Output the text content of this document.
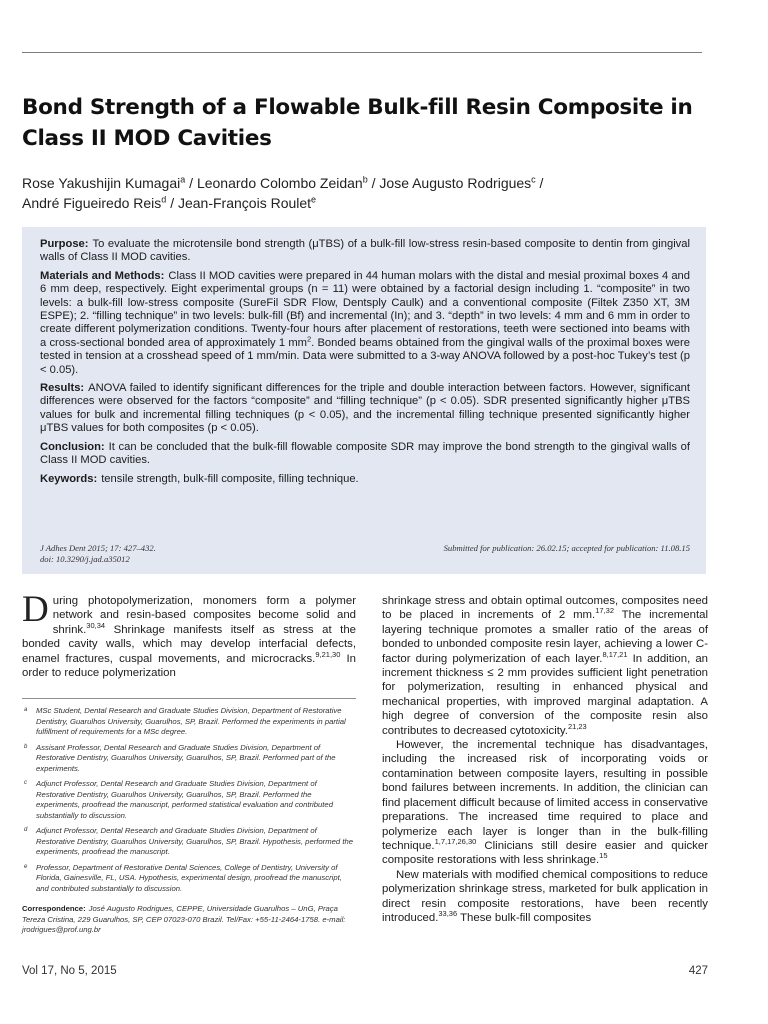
Bond Strength of a Flowable Bulk-fill Resin Composite in Class II MOD Cavities
Rose Yakushijin Kumagai$^a$ / Leonardo Colombo Zeidan$^b$ / Jose Augusto Rodrigues$^c$ /
André Figueiredo Reis$^d$ / Jean-François Roulet$^e$

Purpose: To evaluate the microtensile bond strength (μTBS) of a bulk-fill low-stress resin-based composite to dentin from gingival walls of Class II MOD cavities.

Materials and Methods: Class II MOD cavities were prepared in 44 human molars with the distal and mesial proximal boxes 4 and 6 mm deep, respectively. Eight experimental groups (n = 11) were obtained by a factorial design including 1. “composite” in two levels: a bulk-fill low-stress composite (SureFil SDR Flow, Dentsply Caulk) and a conventional composite (Filtek Z350 XT, 3M ESPE); 2. “filling technique” in two levels: bulk-fill (Bf) and incremental (In); and 3. “depth” in two levels: 4 mm and 6 mm in order to create different polymerization conditions. Twenty-four hours after placement of restorations, teeth were sectioned into beams with a cross-sectional bonded area of approximately 1 $mm^2$. Bonded beams obtained from the gingival walls of the proximal boxes were tested in tension at a crosshead speed of 1 mm/min. Data were submitted to a 3-way ANOVA followed by a post-hoc Tukey’s test (p < 0.05).

Results: ANOVA failed to identify significant differences for the triple and double interaction between factors. However, significant differences were observed for the factors “composite” and “filling technique” (p < 0.05). SDR presented significantly higher μTBS values for bulk and incremental filling techniques (p < 0.05), and the incremental filling technique presented significantly higher μTBS values for both composites (p < 0.05).

Conclusion: It can be concluded that the bulk-fill flowable composite SDR may improve the bond strength to the gingival walls of Class II MOD cavities.

Keywords: tensile strength, bulk-fill composite, filling technique.

J Adhes Dent 2015; 17: 427–432.
doi: 10.3290/j.jad.a35012
Submitted for publication: 26.02.15; accepted for publication: 11.08.15

During photopolymerization, monomers form a polymer network and resin-based composites become solid and shrink.$^{30,34}$ Shrinkage manifests itself as stress at the bonded cavity walls, which may develop interfacial defects, enamel fractures, cuspal movements, and microcracks.$^{9,21,30}$ In order to reduce polymerization

a MSc Student, Dental Research and Graduate Studies Division, Department of Restorative Dentistry, Guarulhos University, Guarulhos, SP, Brazil. Performed the experiments in partial fulfillment of requirements for a MSc degree.
b Assisant Professor, Dental Research and Graduate Studies Division, Department of Restorative Dentistry, Guarulhos University, Guarulhos, SP, Brazil. Performed part of the experiments.
c Adjunct Professor, Dental Research and Graduate Studies Division, Department of Restorative Dentistry, Guarulhos University, Guarulhos, SP, Brazil. Performed the experiments, proofread the manuscript, performed statistical evaluation and contributed substantially to discussion.
d Adjunct Professor, Dental Research and Graduate Studies Division, Department of Restorative Dentistry, Guarulhos University, Guarulhos, SP, Brazil. Hypothesis, performed the experiments, proofread the manuscript.
e Professor, Department of Restorative Dental Sciences, College of Dentistry, University of Florida, Gainesville, FL, USA. Hypothesis, experimental design, proofread the manuscript, and contributed substantially to discussion.
Correspondence: José Augusto Rodrigues, CEPPE, Universidade Guarulhos – UnG, Praça Tereza Cristina, 229 Guarulhos, SP, CEP 07023-070 Brazil. Tel/Fax: +55-11-2464-1758. e-mail: jrodrigues@prof.ung.br

shrinkage stress and obtain optimal outcomes, composites need to be placed in increments of 2 mm.$^{17,32}$ The incremental layering technique promotes a smaller ratio of the areas of bonded to unbonded composite resin layer, achieving a lower C-factor during polymerization of each layer.$^{8,17,21}$ In addition, an increment thickness ≤ 2 mm provides sufficient light penetration for polymerization, resulting in enhanced physical and mechanical properties, with improved marginal adaptation. A high degree of conversion of the composite resin also contributes to decreased cytotoxicity.$^{21,23}$

However, the incremental technique has disadvantages, including the increased risk of incorporating voids or contamination between composite layers, resulting in possible bond failures between increments. In addition, the clinician can find placement difficult because of limited access in conservative preparations. The increased time required to place and polymerize each layer is longer than in the bulk-filling technique.$^{1,7,17,26,30}$ Clinicians still desire easier and quicker composite restorations with less shrinkage.$^{15}$

New materials with modified chemical compositions to reduce polymerization shrinkage stress, marketed for bulk application in direct resin composite restorations, have been recently introduced.$^{33,36}$ These bulk-fill composites

Vol 17, No 5, 2015	427
